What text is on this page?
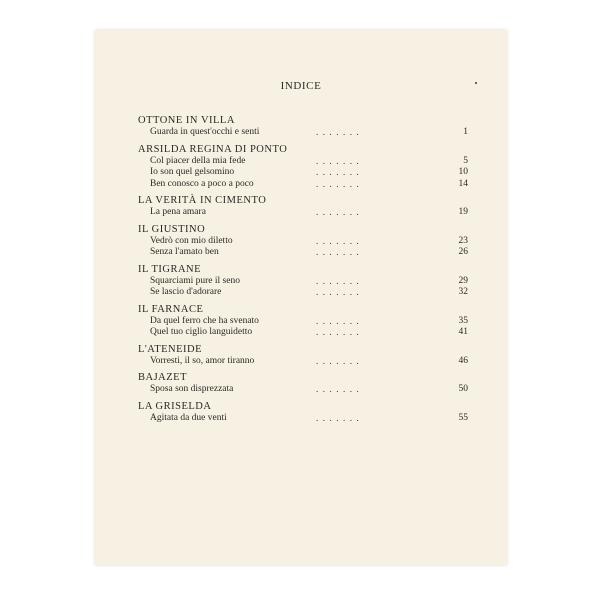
INDICE
OTTONE IN VILLA
Guarda in quest'occhi e senti	.......	1
ARSILDA REGINA DI PONTO
Col piacer della mia fede	.......	5
Io son quel gelsomino	.......	10
Ben conosco a poco a poco	.......	14
LA VERITÀ IN CIMENTO
La pena amara	.......	19
IL GIUSTINO
Vedrò con mio diletto	.......	23
Senza l'amato ben	.......	26
IL TIGRANE
Squarciami pure il seno	.......	29
Se lascio d'adorare	.......	32
IL FARNACE
Da quel ferro che ha svenato	.......	35
Quel tuo ciglio languidetto	.......	41
L'ATENEIDE
Vorresti, il so, amor tiranno	.......	46
BAJAZET
Sposa son disprezzata	.......	50
LA GRISELDA
Agitata da due venti	.......	55
